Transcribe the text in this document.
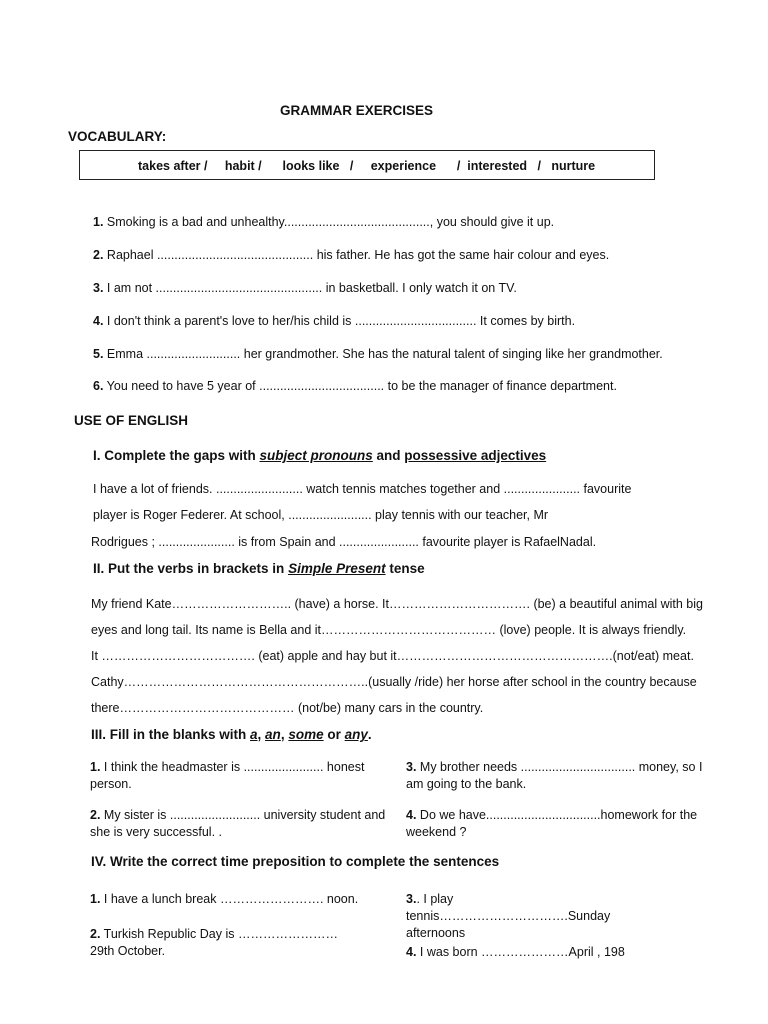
GRAMMAR EXERCISES
VOCABULARY:
takes after /     habit /      looks like   /     experience      /  interested   /   nurture
1. Smoking is a bad and unhealthy.........................................., you should give it up.
2. Raphael ............................................. his father. He has got the same hair colour and eyes.
3. I am not ................................................ in basketball. I only watch it on TV.
4. I don't think a parent's love to her/his child is ................................... It comes by birth.
5. Emma ........................... her grandmother. She has the natural talent of singing like her grandmother.
6. You need to have 5 year of .................................... to be the manager of finance department.
USE OF ENGLISH
I. Complete the gaps with subject pronouns and possessive adjectives
I have a lot of friends. ......................... watch tennis matches together and ...................... favourite
player is Roger Federer. At school, ........................ play tennis with our teacher, Mr
Rodrigues ; ...................... is from Spain and ....................... favourite player is RafaelNadal.
II. Put the verbs in brackets in Simple Present tense
My friend Kate……………………….. (have) a horse. It……………………………. (be) a beautiful animal with big
eyes and long tail. Its name is Bella and it…………………………………… (love) people. It is always friendly.
It ………………………………. (eat) apple and hay but it…………………………………………….(not/eat) meat.
Cathy…………………………………………………..(usually /ride) her horse after school in the country because
there…………………………………… (not/be) many cars in the country.
III. Fill in the blanks with a, an, some or any.
1. I think the headmaster is ....................... honest person.
3. My brother needs ................................. money, so I am going to the bank.
2. My sister is .......................... university student and she is very successful. .
4. Do we have.................................homework for the weekend ?
IV. Write the correct time preposition to complete the sentences
1. I have a lunch break ……………………. noon.	3.. I play tennis………………………….Sunday afternoons
2. Turkish Republic Day is …………………… 29th October.	4. I was born …………………April , 198
